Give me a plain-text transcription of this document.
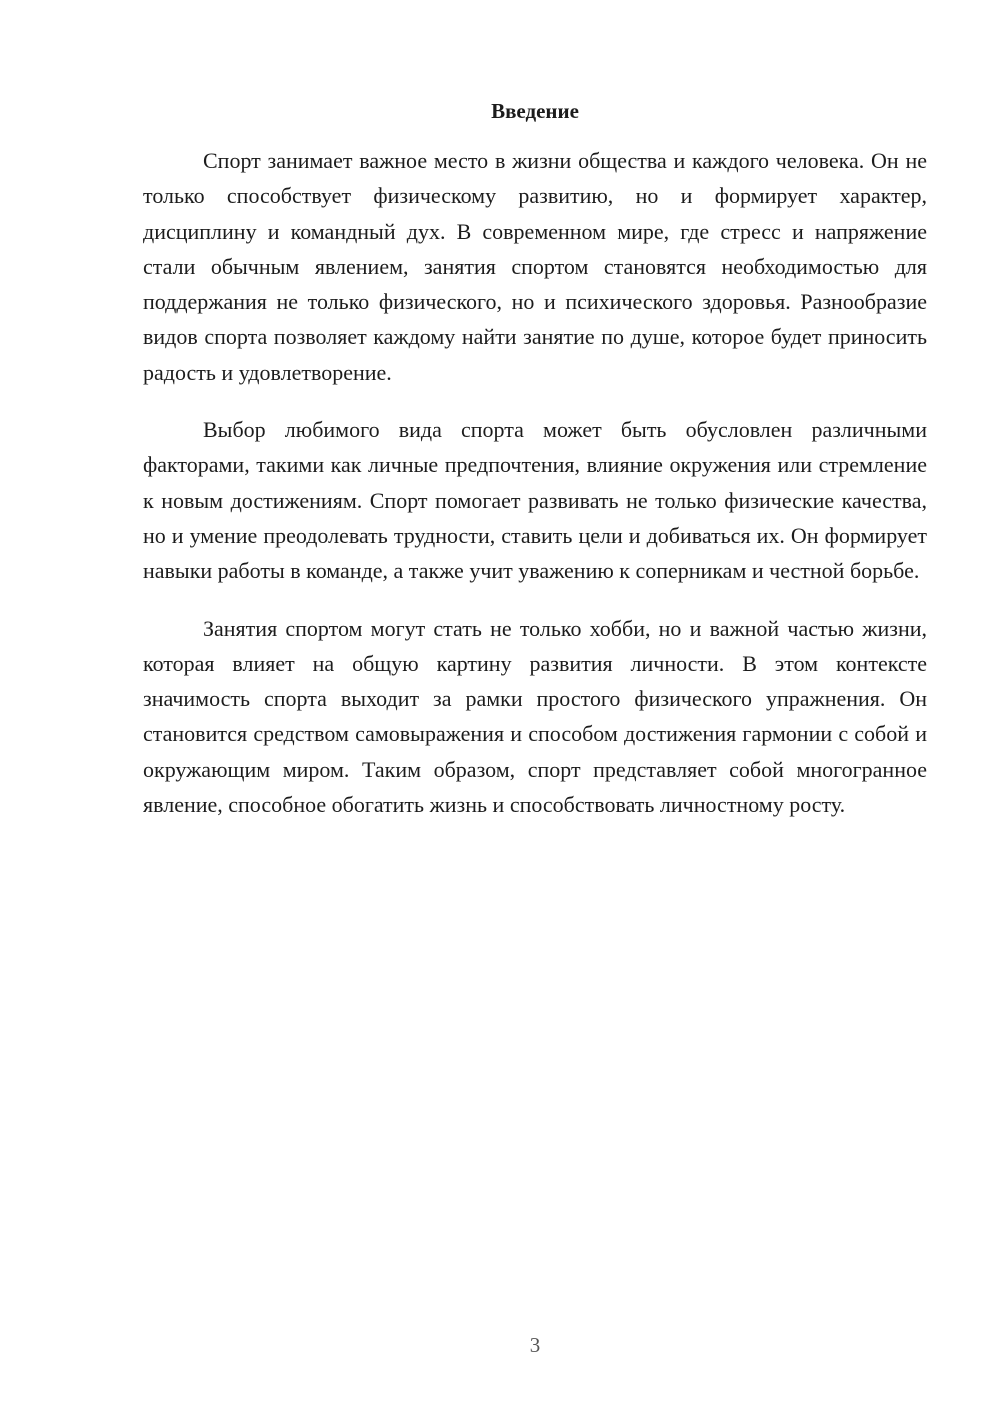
Введение

Спорт занимает важное место в жизни общества и каждого человека. Он не только способствует физическому развитию, но и формирует характер, дисциплину и командный дух. В современном мире, где стресс и напряжение стали обычным явлением, занятия спортом становятся необходимостью для поддержания не только физического, но и психического здоровья. Разнообразие видов спорта позволяет каждому найти занятие по душе, которое будет приносить радость и удовлетворение.

Выбор любимого вида спорта может быть обусловлен различными факторами, такими как личные предпочтения, влияние окружения или стремление к новым достижениям. Спорт помогает развивать не только физические качества, но и умение преодолевать трудности, ставить цели и добиваться их. Он формирует навыки работы в команде, а также учит уважению к соперникам и честной борьбе.

Занятия спортом могут стать не только хобби, но и важной частью жизни, которая влияет на общую картину развития личности. В этом контексте значимость спорта выходит за рамки простого физического упражнения. Он становится средством самовыражения и способом достижения гармонии с собой и окружающим миром. Таким образом, спорт представляет собой многогранное явление, способное обогатить жизнь и способствовать личностному росту.

3
